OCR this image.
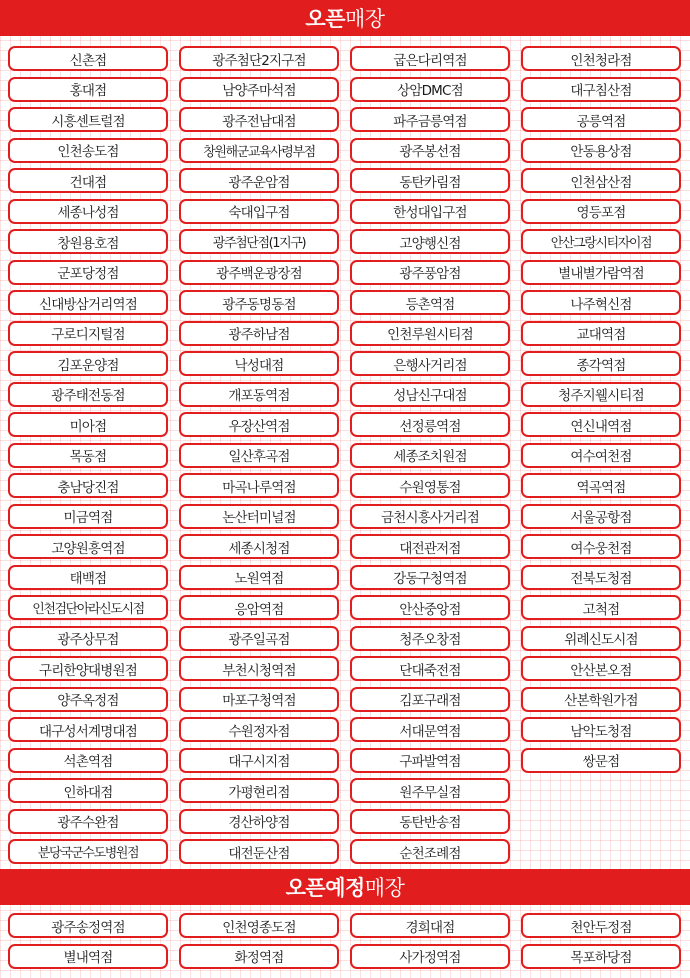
오픈 매장
신촌점	광주첨단2지구점	굽은다리역점	인천청라점
홍대점	남양주마석점	상암DMC점	대구침산점
시흥센트럴점	광주전남대점	파주금릉역점	공릉역점
인천송도점	창원해군교육사령부점	광주봉선점	안동용상점
건대점	광주운암점	동탄카림점	인천삼산점
세종나성점	숙대입구점	한성대입구점	영등포점
창원용호점	광주첨단점(1지구)	고양행신점	안산그랑시티자이점
군포당정점	광주백운광장점	광주풍암점	별내별가람역점
신대방삼거리역점	광주동명동점	등촌역점	나주혁신점
구로디지털점	광주하남점	인천루원시티점	교대역점
김포운양점	낙성대점	은행사거리점	종각역점
광주태전동점	개포동역점	성남신구대점	청주지웰시티점
미아점	우장산역점	선정릉역점	연신내역점
목동점	일산후곡점	세종조치원점	여수여천점
충남당진점	마곡나루역점	수원영통점	역곡역점
미금역점	논산터미널점	금천시흥사거리점	서울공항점
고양원흥역점	세종시청점	대전관저점	여수웅천점
태백점	노원역점	강동구청역점	전북도청점
인천검단아라신도시점	응암역점	안산중앙점	고척점
광주상무점	광주일곡점	청주오창점	위례신도시점
구리한양대병원점	부천시청역점	단대죽전점	안산본오점
양주옥정점	마포구청역점	김포구래점	산본학원가점
대구성서계명대점	수원정자점	서대문역점	남악도청점
석촌역점	대구시지점	구파발역점	쌍문점
인하대점	가평현리점	원주무실점
광주수완점	경산하양점	동탄반송점
분당국군수도병원점	대전둔산점	순천조례점
오픈예정 매장
광주송정역점	인천영종도점	경희대점	천안두정점
별내역점	화정역점	사가정역점	목포하당점
